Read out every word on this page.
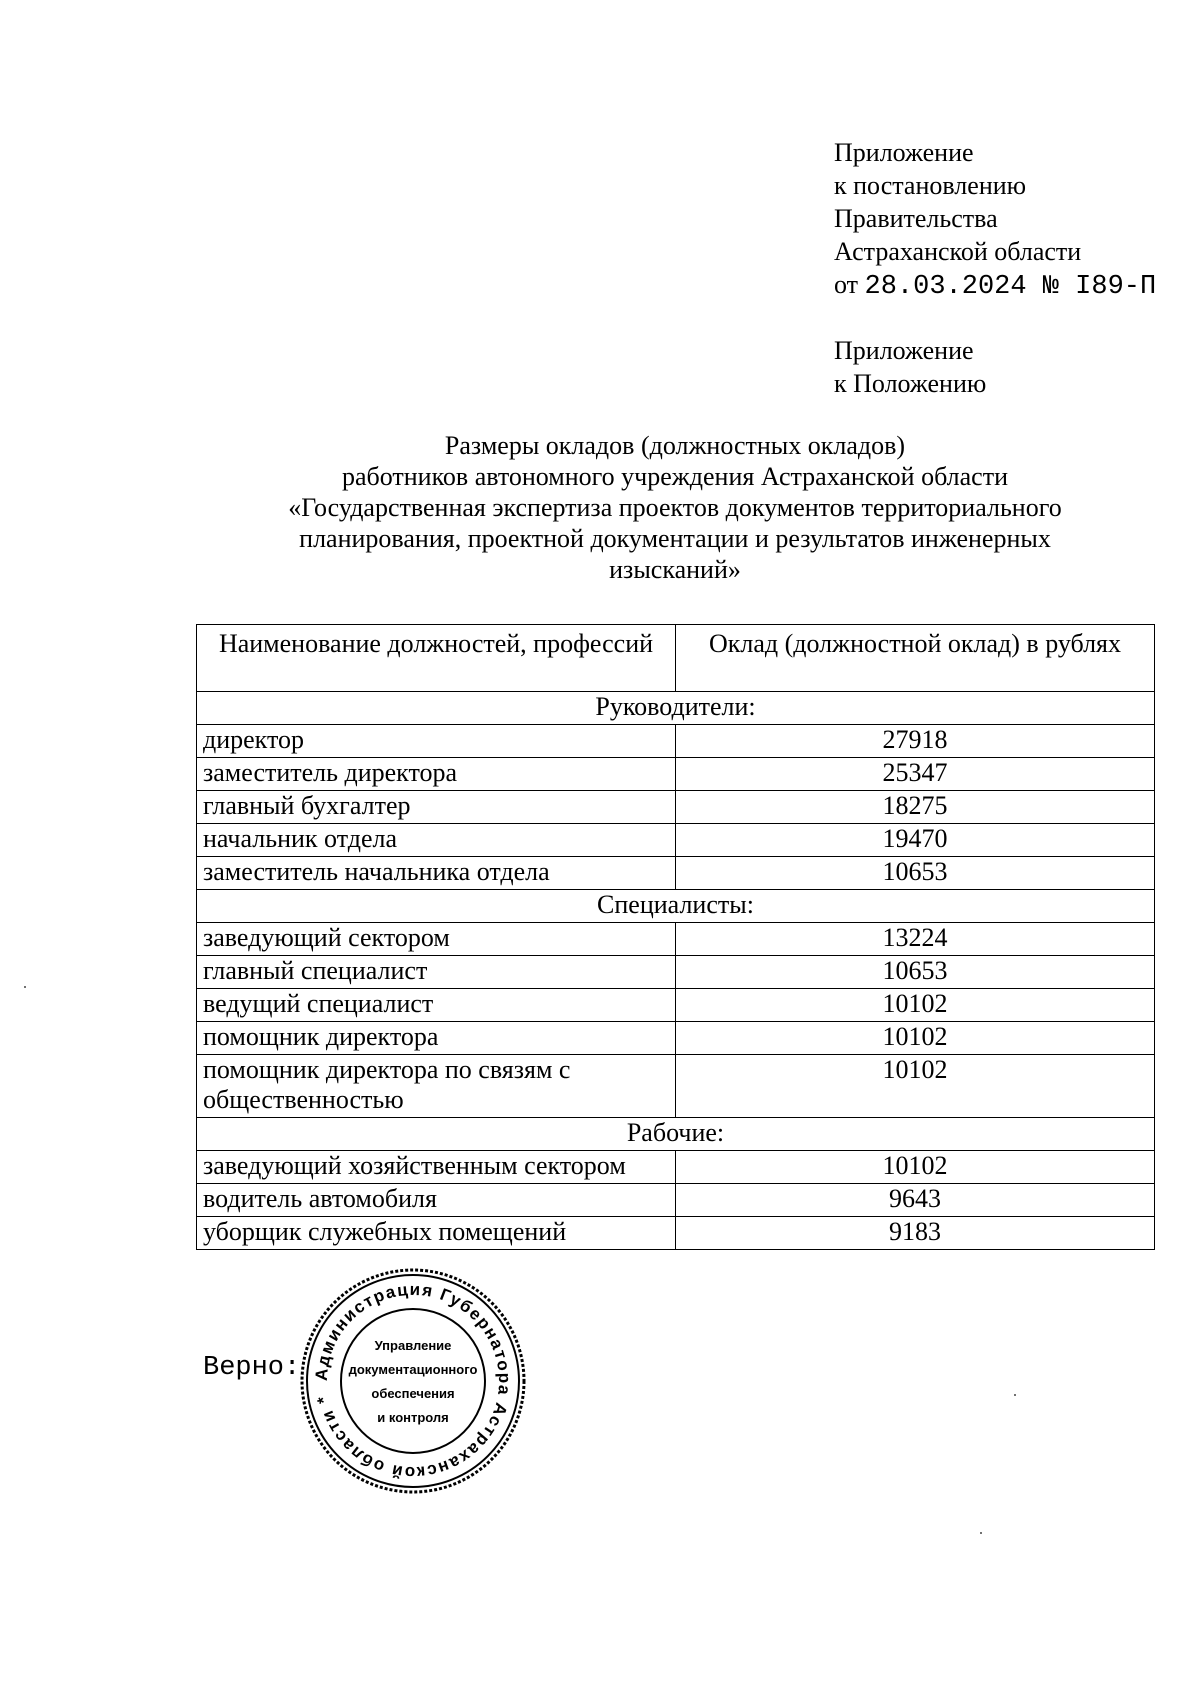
Приложение
к постановлению
Правительства
Астраханской области
от 28.03.2024 № I89-П
Приложение
к Положению
Размеры окладов (должностных окладов)
работников автономного учреждения Астраханской области
«Государственная экспертиза проектов документов территориального
планирования, проектной документации и результатов инженерных
изысканий»
Наименование должностей, профессий	Оклад (должностной оклад) в рублях
Руководители:	
директор	27918
заместитель директора	25347
главный бухгалтер	18275
начальник отдела	19470
заместитель начальника отдела	10653
Специалисты:	
заведующий сектором	13224
главный специалист	10653
ведущий специалист	10102
помощник директора	10102
помощник директора по связям с общественностью	10102
Рабочие:	
заведующий хозяйственным сектором	10102
водитель автомобиля	9643
уборщик служебных помещений	9183
Верно: Администрация Губернатора Астраханской области *
Управление
документационного
обеспечения
и контроля
